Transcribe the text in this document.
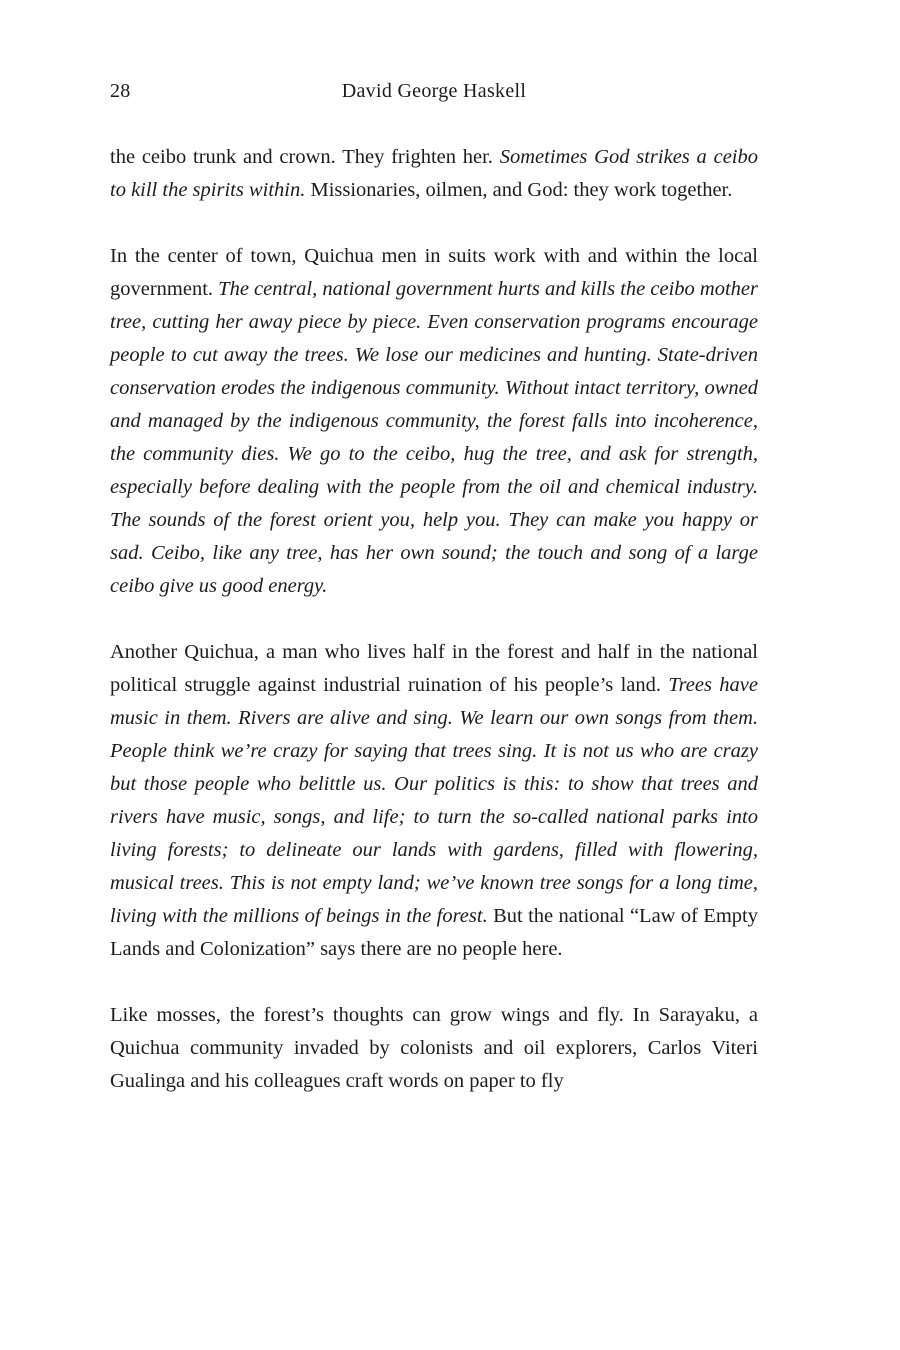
28	David George Haskell

the ceibo trunk and crown. They frighten her. Sometimes God strikes a ceibo to kill the spirits within. Missionaries, oilmen, and God: they work together.

In the center of town, Quichua men in suits work with and within the local government. The central, national government hurts and kills the ceibo mother tree, cutting her away piece by piece. Even conservation programs encourage people to cut away the trees. We lose our medicines and hunting. State-driven conservation erodes the indigenous community. Without intact territory, owned and managed by the indigenous community, the forest falls into incoherence, the community dies. We go to the ceibo, hug the tree, and ask for strength, especially before dealing with the people from the oil and chemical industry. The sounds of the forest orient you, help you. They can make you happy or sad. Ceibo, like any tree, has her own sound; the touch and song of a large ceibo give us good energy.

Another Quichua, a man who lives half in the forest and half in the national political struggle against industrial ruination of his people’s land. Trees have music in them. Rivers are alive and sing. We learn our own songs from them. People think we’re crazy for saying that trees sing. It is not us who are crazy but those people who belittle us. Our politics is this: to show that trees and rivers have music, songs, and life; to turn the so-called national parks into living forests; to delineate our lands with gardens, filled with flowering, musical trees. This is not empty land; we’ve known tree songs for a long time, living with the millions of beings in the forest. But the national “Law of Empty Lands and Colonization” says there are no people here.

Like mosses, the forest’s thoughts can grow wings and fly. In Sarayaku, a Quichua community invaded by colonists and oil explorers, Carlos Viteri Gualinga and his colleagues craft words on paper to fly
